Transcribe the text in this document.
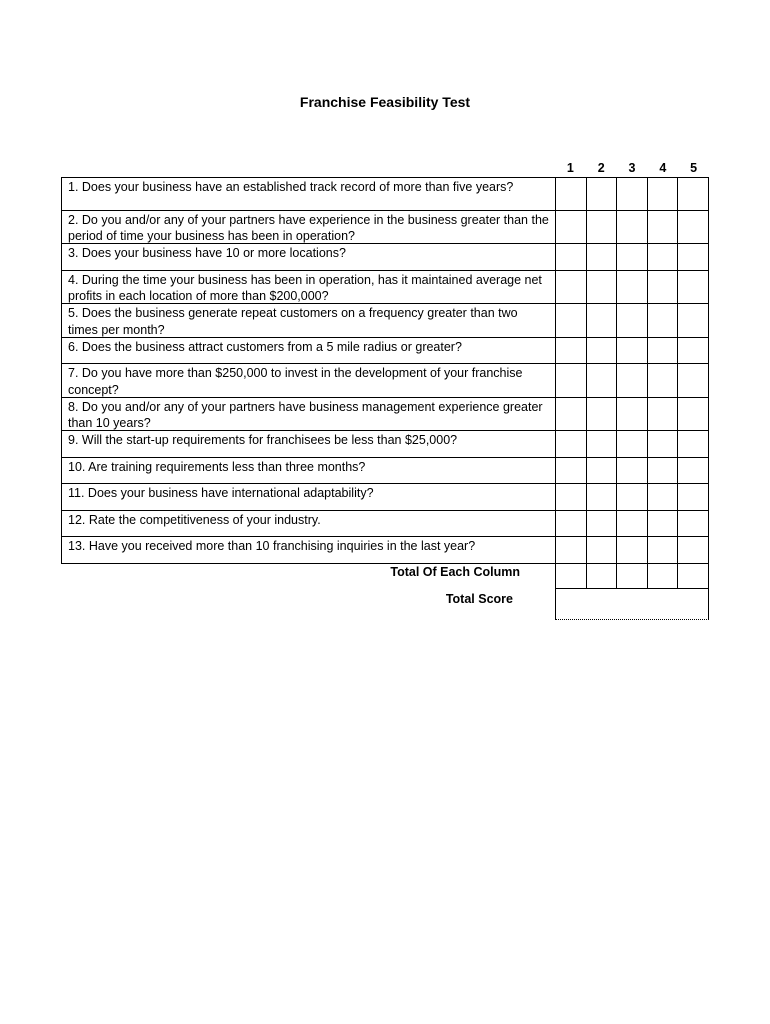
Franchise Feasibility Test
1	2	3	4	5
1. Does your business have an established track record of more than five years?
2. Do you and/or any of your partners have experience in the business greater than the period of time your business has been in operation?
3. Does your business have 10 or more locations?
4. During the time your business has been in operation, has it maintained average net profits in each location of more than $200,000?
5. Does the business generate repeat customers on a frequency greater than two times per month?
6. Does the business attract customers from a 5 mile radius or greater?
7. Do you have more than $250,000 to invest in the development of your franchise concept?
8. Do you and/or any of your partners have business management experience greater than 10 years?
9. Will the start-up requirements for franchisees be less than $25,000?
10. Are training requirements less than three months?
11. Does your business have international adaptability?
12. Rate the competitiveness of your industry.
13. Have you received more than 10 franchising inquiries in the last year?
Total Of Each Column
Total Score
